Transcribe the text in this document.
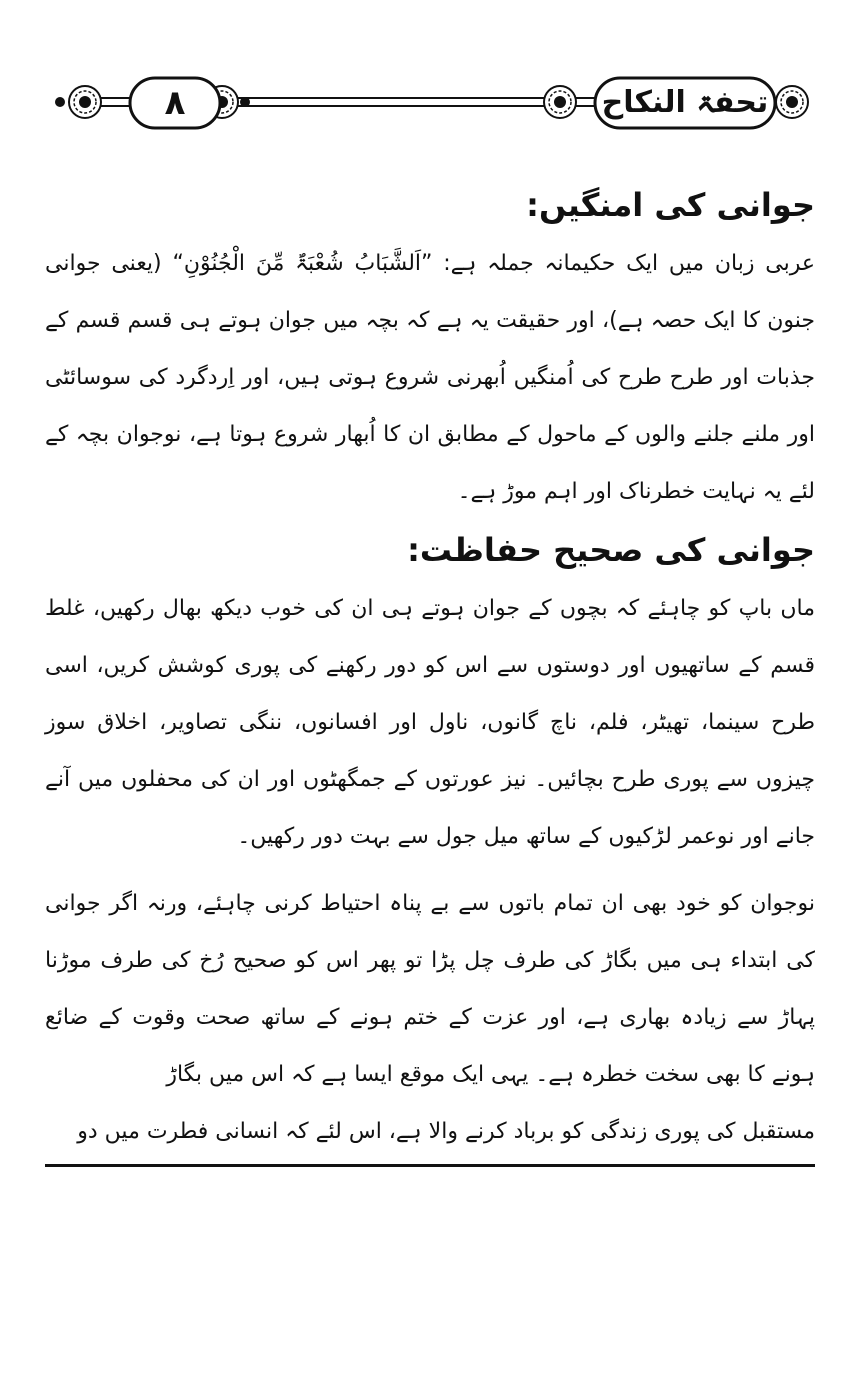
تحفۃ النکاح
۸
جوانی کی امنگیں:

عربی زبان میں ایک حکیمانہ جملہ ہے: ”اَلشَّبَابُ شُعْبَۃٌ مِّنَ الْجُنُوْنِ“ (یعنی جوانی جنون کا ایک حصہ ہے)، اور حقیقت یہ ہے کہ بچہ میں جوان ہوتے ہی قسم قسم کے جذبات اور طرح طرح کی اُمنگیں اُبھرنی شروع ہوتی ہیں، اور اِردگرد کی سوسائٹی اور ملنے جلنے والوں کے ماحول کے مطابق ان کا اُبھار شروع ہوتا ہے، نوجوان بچہ کے لئے یہ نہایت خطرناک اور اہم موڑ ہے۔

جوانی کی صحیح حفاظت:

ماں باپ کو چاہئے کہ بچوں کے جوان ہوتے ہی ان کی خوب دیکھ بھال رکھیں، غلط قسم کے ساتھیوں اور دوستوں سے اس کو دور رکھنے کی پوری کوشش کریں، اسی طرح سینما، تھیٹر، فلم، ناچ گانوں، ناول اور افسانوں، ننگی تصاویر، اخلاق سوز چیزوں سے پوری طرح بچائیں۔ نیز عورتوں کے جمگھٹوں اور ان کی محفلوں میں آنے جانے اور نوعمر لڑکیوں کے ساتھ میل جول سے بہت دور رکھیں۔

نوجوان کو خود بھی ان تمام باتوں سے بے پناہ احتیاط کرنی چاہئے، ورنہ اگر جوانی کی ابتداء ہی میں بگاڑ کی طرف چل پڑا تو پھر اس کو صحیح رُخ کی طرف موڑنا پہاڑ سے زیادہ بھاری ہے، اور عزت کے ختم ہونے کے ساتھ صحت وقوت کے ضائع ہونے کا بھی سخت خطرہ ہے۔ یہی ایک موقع ایسا ہے کہ اس میں بگاڑ

مستقبل کی پوری زندگی کو برباد کرنے والا ہے، اس لئے کہ انسانی فطرت میں دو
